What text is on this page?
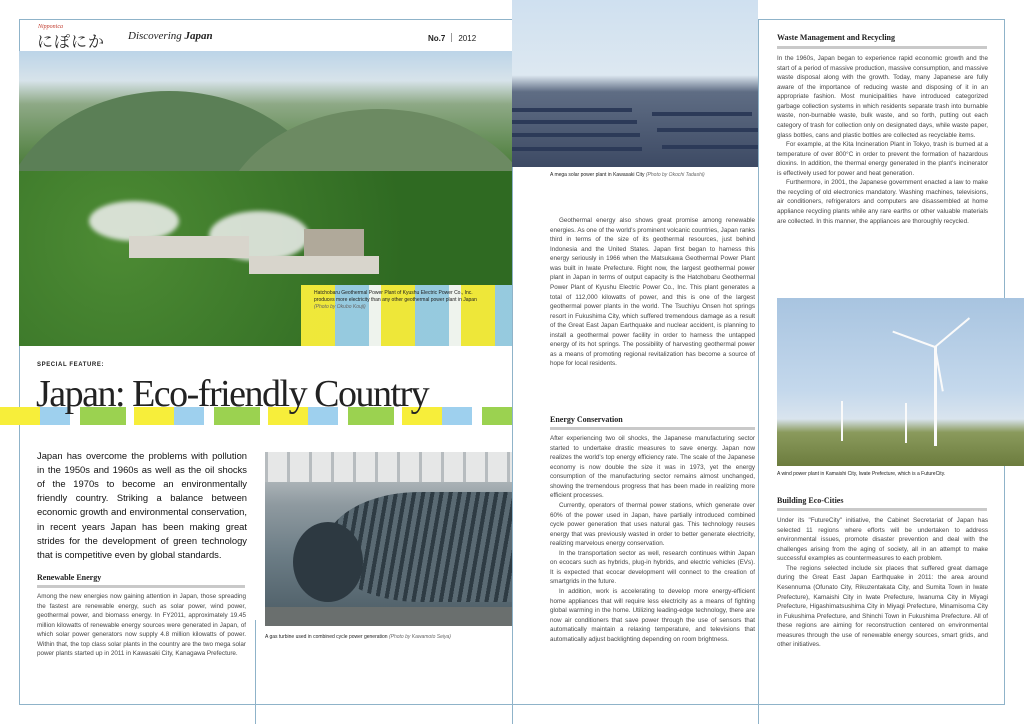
Nipponica
にぽにか Discovering Japan	No.7 2012
Hatchobaru Geothermal Power Plant of Kyushu Electric Power Co., Inc. produces more electricity than any other geothermal power plant in Japan (Photo by Okubo Kouji)
SPECIAL FEATURE:
Japan: Eco-friendly Country
Japan has overcome the problems with pollution in the 1950s and 1960s as well as the oil shocks of the 1970s to become an environmentally friendly country. Striking a balance between economic growth and environmental conservation, in recent years Japan has been making great strides for the development of green technology that is competitive even by global standards.
Renewable Energy

Among the new energies now gaining attention in Japan, those spreading the fastest are renewable energy, such as solar power, wind power, geothermal power, and biomass energy. In FY2011, approximately 19.45 million kilowatts of renewable energy sources were generated in Japan, of which solar power generators now supply 4.8 million kilowatts of power. Within that, the top class solar plants in the country are the two mega solar power plants started up in 2011 in Kawasaki City, Kanagawa Prefecture.

A gas turbine used in combined cycle power generation (Photo by Kawamoto Seiya)
A mega solar power plant in Kawasaki City (Photo by Okochi Tadashi)

Geothermal energy also shows great promise among renewable energies. As one of the world's prominent volcanic countries, Japan ranks third in terms of the size of its geothermal resources, just behind Indonesia and the United States. Japan first began to harness this energy seriously in 1966 when the Matsukawa Geothermal Power Plant was built in Iwate Prefecture. Right now, the largest geothermal power plant in Japan in terms of output capacity is the Hatchobaru Geothermal Power Plant of Kyushu Electric Power Co., Inc. This plant generates a total of 112,000 kilowatts of power, and this is one of the largest geothermal power plants in the world. The Tsuchiyu Onsen hot springs resort in Fukushima City, which suffered tremendous damage as a result of the Great East Japan Earthquake and nuclear accident, is planning to install a geothermal power facility in order to harness the untapped energy of its hot springs. The possibility of harvesting geothermal power as a means of promoting regional revitalization has become a source of hope for local residents.

Energy Conservation

After experiencing two oil shocks, the Japanese manufacturing sector started to undertake drastic measures to save energy. Japan now realizes the world's top energy efficiency rate. The scale of the Japanese economy is now double the size it was in 1973, yet the energy consumption of the manufacturing sector remains almost unchanged, showing the tremendous progress that has been made in realizing more efficient processes.

Currently, operators of thermal power stations, which generate over 60% of the power used in Japan, have partially introduced combined cycle power generation that uses natural gas. This technology reuses energy that was previously wasted in order to better generate electricity, realizing marvelous energy conservation.

In the transportation sector as well, research continues within Japan on ecocars such as hybrids, plug-in hybrids, and electric vehicles (EVs). It is expected that ecocar development will connect to the creation of smartgrids in the future.

In addition, work is accelerating to develop more energy-efficient home appliances that will require less electricity as a means of fighting global warming in the home. Utilizing leading-edge technology, there are now air conditioners that save power through the use of sensors that automatically maintain a relaxing temperature, and televisions that automatically adjust backlighting depending on room brightness.

Waste Management and Recycling

In the 1960s, Japan began to experience rapid economic growth and the start of a period of massive production, massive consumption, and massive waste disposal along with the growth. Today, many Japanese are fully aware of the importance of reducing waste and disposing of it in an appropriate fashion. Most municipalities have introduced categorized garbage collection systems in which residents separate trash into burnable waste, non-burnable waste, bulk waste, and so forth, putting out each category of trash for collection only on designated days, while waste paper, glass bottles, cans and plastic bottles are collected as recyclable items.

For example, at the Kita Incineration Plant in Tokyo, trash is burned at a temperature of over 800°C in order to prevent the formation of hazardous dioxins. In addition, the thermal energy generated in the plant's incinerator is effectively used for power and heat generation.

Furthermore, in 2001, the Japanese government enacted a law to make the recycling of old electronics mandatory. Washing machines, televisions, air conditioners, refrigerators and computers are disassembled at home appliance recycling plants while any rare earths or other valuable materials are collected. In this manner, the appliances are thoroughly recycled.

A wind power plant in Kamaishi City, Iwate Prefecture, which is a FutureCity.
Building Eco-Cities

Under its "FutureCity" initiative, the Cabinet Secretariat of Japan has selected 11 regions where efforts will be undertaken to address environmental issues, promote disaster prevention and deal with the challenges arising from the aging of society, all in an attempt to make successful examples as countermeasures to each problem.

The regions selected include six places that suffered great damage during the Great East Japan Earthquake in 2011: the area around Kesennuma (Ofunato City, Rikuzentakata City, and Sumita Town in Iwate Prefecture), Kamaishi City in Iwate Prefecture, Iwanuma City in Miyagi Prefecture, Higashimatsushima City in Miyagi Prefecture, Minamisoma City in Fukushima Prefecture, and Shinchi Town in Fukushima Prefecture. All of these regions are aiming for reconstruction centered on environmental measures through the use of renewable energy sources, smart grids, and other initiatives.
